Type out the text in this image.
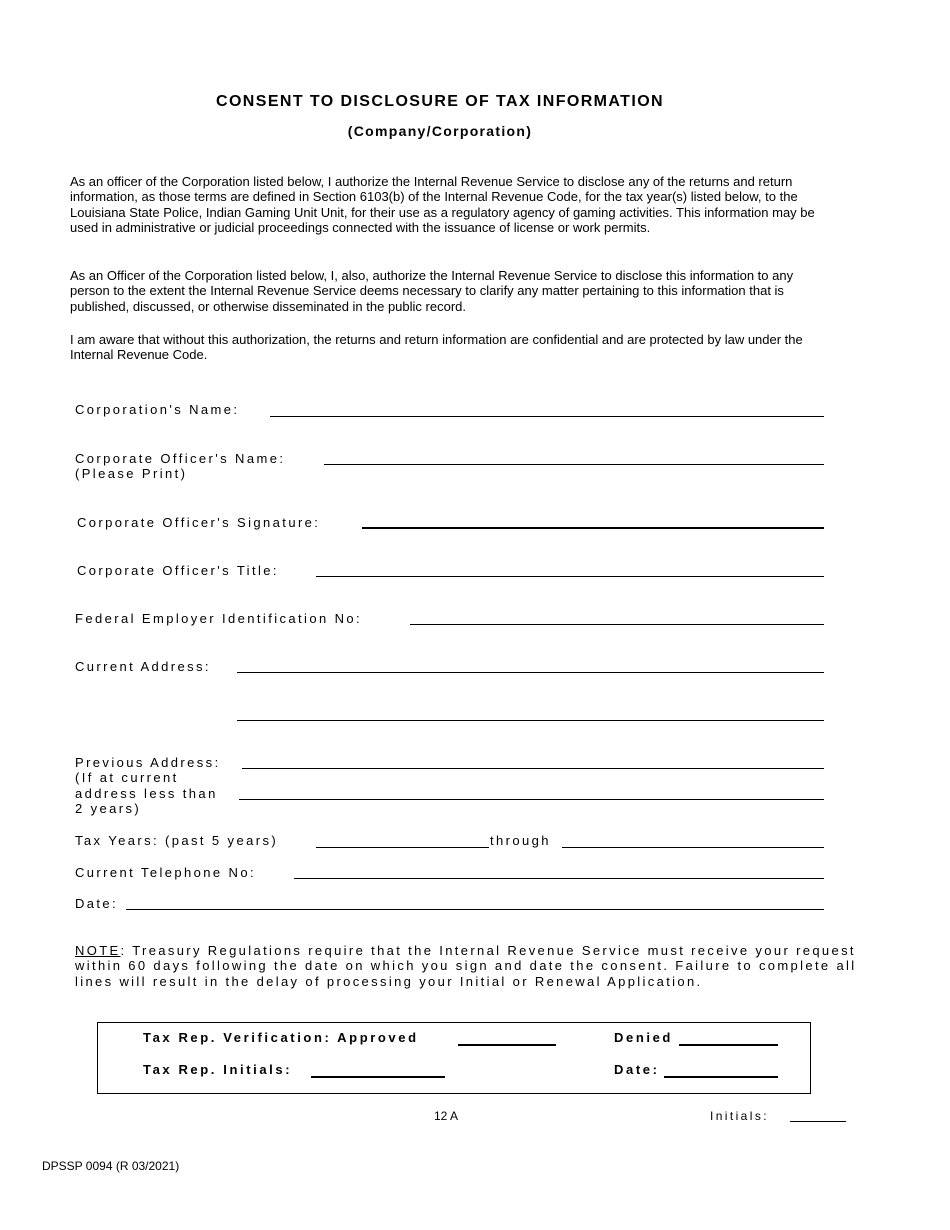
CONSENT TO DISCLOSURE OF TAX INFORMATION
(Company/Corporation)
As an officer of the Corporation listed below, I authorize the Internal Revenue Service to disclose any of the returns and return information, as those terms are defined in Section 6103(b) of the Internal Revenue Code, for the tax year(s) listed below, to the Louisiana State Police, Indian Gaming Unit Unit, for their use as a regulatory agency of gaming activities. This information may be used in administrative or judicial proceedings connected with the issuance of license or work permits.
As an Officer of the Corporation listed below, I, also, authorize the Internal Revenue Service to disclose this information to any person to the extent the Internal Revenue Service deems necessary to clarify any matter pertaining to this information that is published, discussed, or otherwise disseminated in the public record.
I am aware that without this authorization, the returns and return information are confidential and are protected by law under the Internal Revenue Code.
Corporation's Name:
Corporate Officer's Name:
(Please Print)
Corporate Officer's Signature:
Corporate Officer's Title:
Federal Employer Identification No:
Current Address:
Previous Address:
(If at current
address less than
2 years)
Tax Years: (past 5 years)	through
Current Telephone No:
Date:
NOTE: Treasury Regulations require that the Internal Revenue Service must receive your request within 60 days following the date on which you sign and date the consent. Failure to complete all lines will result in the delay of processing your Initial or Renewal Application.
Tax Rep. Verification: Approved	Denied
Tax Rep. Initials:	Date:
12 A	Initials:
DPSSP 0094 (R 03/2021)
